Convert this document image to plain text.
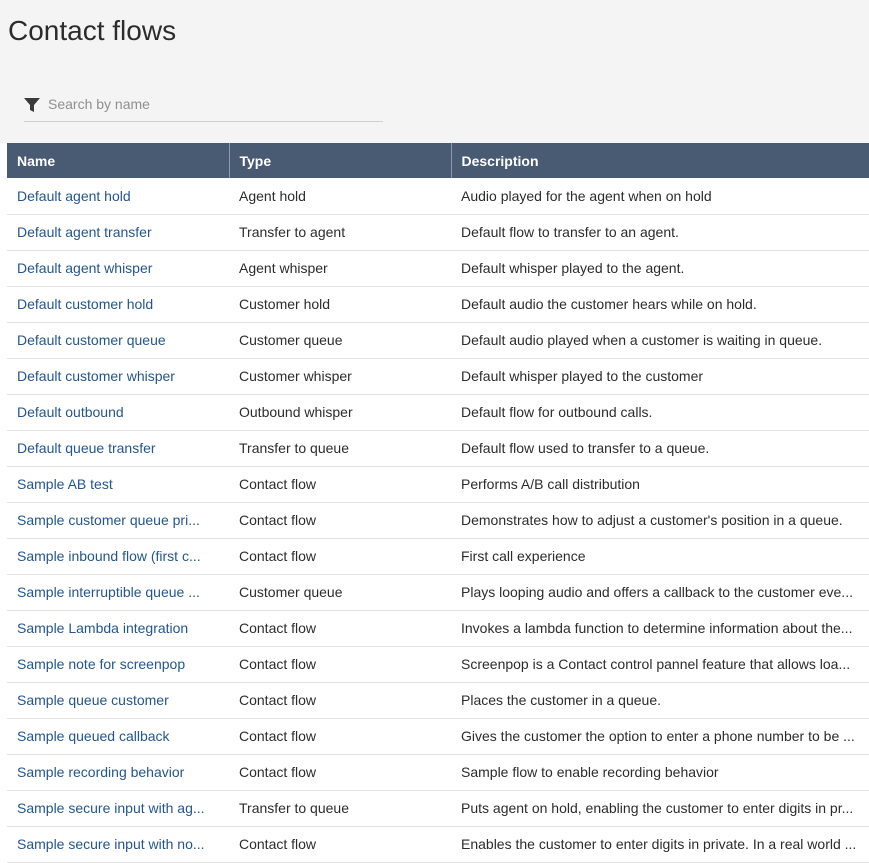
Contact flows
Search by name
Name	Type	Description
Default agent hold	Agent hold	Audio played for the agent when on hold
Default agent transfer	Transfer to agent	Default flow to transfer to an agent.
Default agent whisper	Agent whisper	Default whisper played to the agent.
Default customer hold	Customer hold	Default audio the customer hears while on hold.
Default customer queue	Customer queue	Default audio played when a customer is waiting in queue.
Default customer whisper	Customer whisper	Default whisper played to the customer
Default outbound	Outbound whisper	Default flow for outbound calls.
Default queue transfer	Transfer to queue	Default flow used to transfer to a queue.
Sample AB test	Contact flow	Performs A/B call distribution
Sample customer queue pri...	Contact flow	Demonstrates how to adjust a customer's position in a queue.
Sample inbound flow (first c...	Contact flow	First call experience
Sample interruptible queue ...	Customer queue	Plays looping audio and offers a callback to the customer eve...
Sample Lambda integration	Contact flow	Invokes a lambda function to determine information about the...
Sample note for screenpop	Contact flow	Screenpop is a Contact control pannel feature that allows loa...
Sample queue customer	Contact flow	Places the customer in a queue.
Sample queued callback	Contact flow	Gives the customer the option to enter a phone number to be ...
Sample recording behavior	Contact flow	Sample flow to enable recording behavior
Sample secure input with ag...	Transfer to queue	Puts agent on hold, enabling the customer to enter digits in pr...
Sample secure input with no...	Contact flow	Enables the customer to enter digits in private. In a real world ...
